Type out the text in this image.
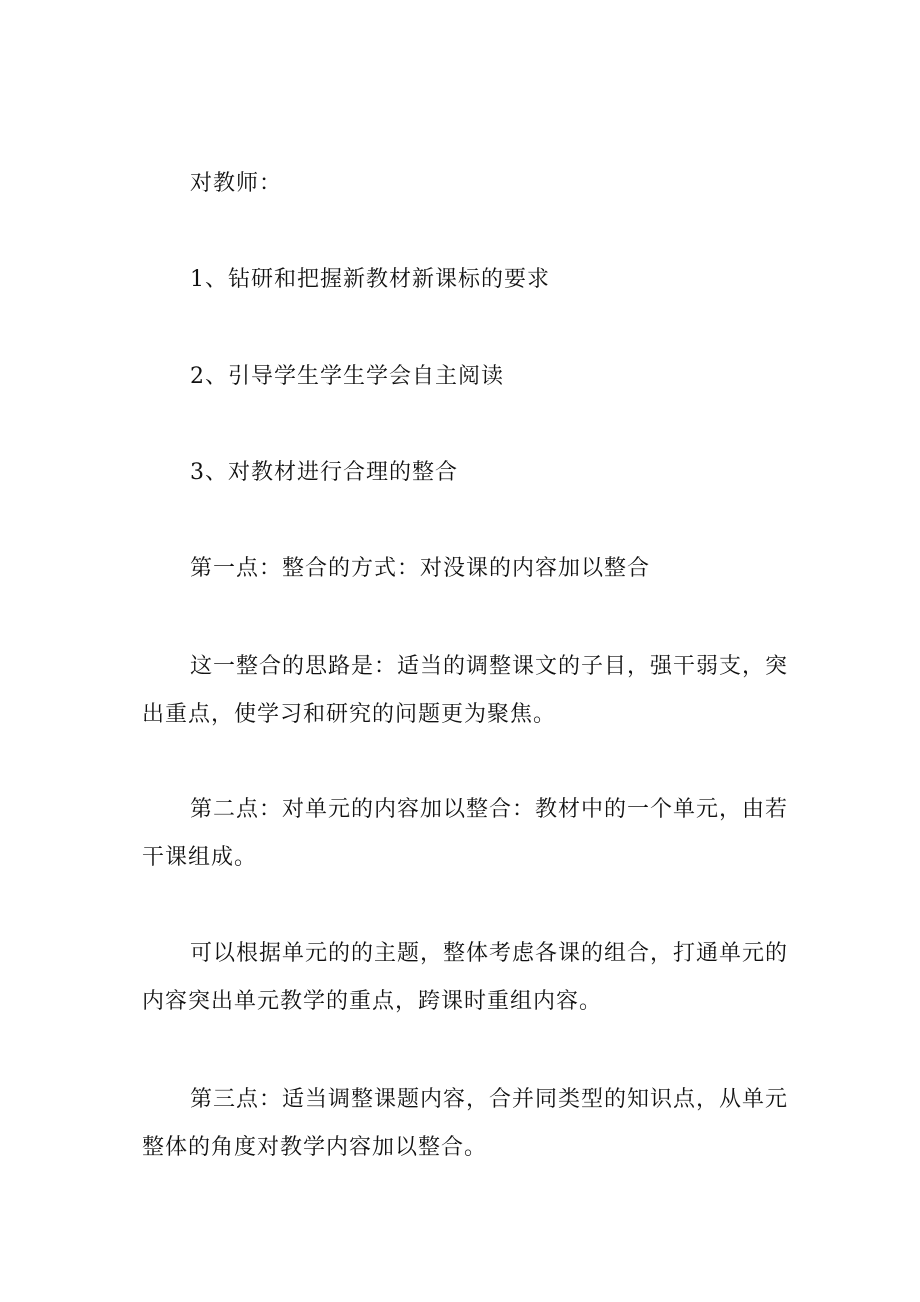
对教师：
1、钻研和把握新教材新课标的要求
2、引导学生学生学会自主阅读
3、对教材进行合理的整合
第一点：整合的方式：对没课的内容加以整合
这一整合的思路是：适当的调整课文的子目，强干弱支，突出重点，使学习和研究的问题更为聚焦。
第二点：对单元的内容加以整合：教材中的一个单元，由若干课组成。
可以根据单元的的主题，整体考虑各课的组合，打通单元的内容突出单元教学的重点，跨课时重组内容。
第三点：适当调整课题内容，合并同类型的知识点，从单元整体的角度对教学内容加以整合。
